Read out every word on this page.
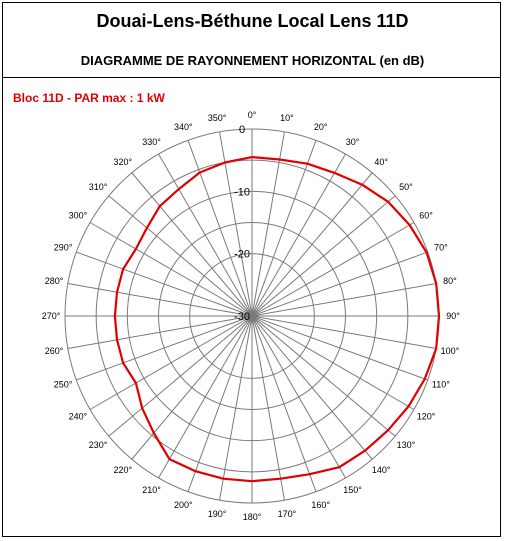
Douai-Lens-Béthune Local Lens 11D
DIAGRAMME DE RAYONNEMENT HORIZONTAL (en dB)
Bloc 11D - PAR max : 1 kW
0°	10°
20°
30°
40°
50°
60°
70°
80°
90°
100°
110°
120°
130°
140°
150°
160°
170°
180°
190°
200°
210°
220°
230°
240°
250°
260°
270°
280°
290°
300°
310°
320°
330°
340°
350°
0
-10
-20
-30
